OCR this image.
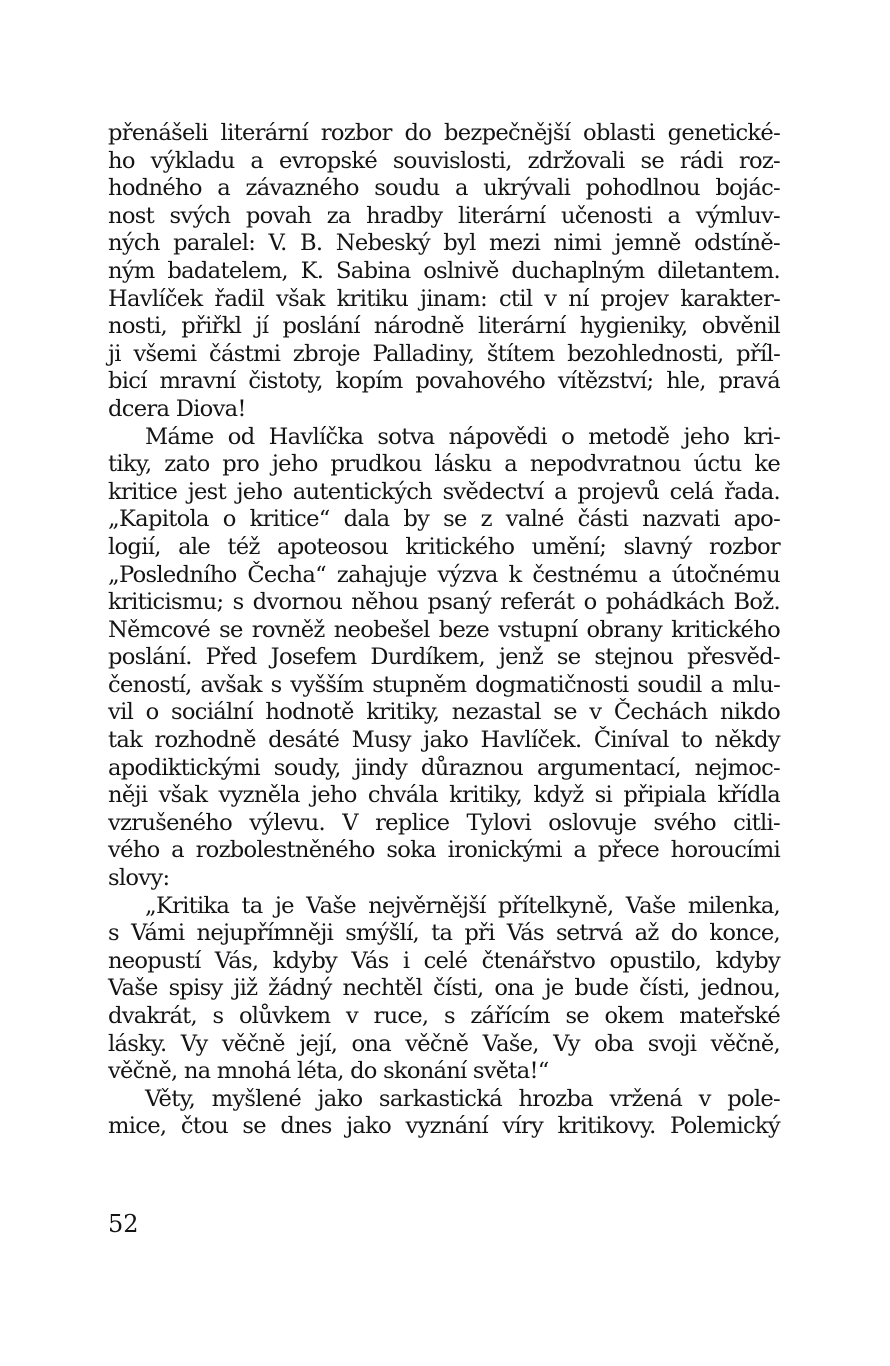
přenášeli literární rozbor do bezpečnější oblasti genetické-
ho výkladu a evropské souvislosti, zdržovali se rádi roz-
hodného a závazného soudu a ukrývali pohodlnou bojác-
nost svých povah za hradby literární učenosti a výmluv-
ných paralel: V. B. Nebeský byl mezi nimi jemně odstíně-
ným badatelem, K. Sabina oslnivě duchaplným diletantem.
Havlíček řadil však kritiku jinam: ctil v ní projev karakter-
nosti, přiřkl jí poslání národně literární hygieniky, obvěnil
ji všemi částmi zbroje Palladiny, štítem bezohlednosti, příl-
bicí mravní čistoty, kopím povahového vítězství; hle, pravá
dcera Diova!
Máme od Havlíčka sotva nápovědi o metodě jeho kri-
tiky, zato pro jeho prudkou lásku a nepodvratnou úctu ke
kritice jest jeho autentických svědectví a projevů celá řada.
„Kapitola o kritice“ dala by se z valné části nazvati apo-
logií, ale též apoteosou kritického umění; slavný rozbor
„Posledního Čecha“ zahajuje výzva k čestnému a útočnému
kriticismu; s dvornou něhou psaný referát o pohádkách Bož.
Němcové se rovněž neobešel beze vstupní obrany kritického
poslání. Před Josefem Durdíkem, jenž se stejnou přesvěd-
čeností, avšak s vyšším stupněm dogmatičnosti soudil a mlu-
vil o sociální hodnotě kritiky, nezastal se v Čechách nikdo
tak rozhodně desáté Musy jako Havlíček. Činíval to někdy
apodiktickými soudy, jindy důraznou argumentací, nejmoc-
něji však vyzněla jeho chvála kritiky, když si připiala křídla
vzrušeného výlevu. V replice Tylovi oslovuje svého citli-
vého a rozbolestněného soka ironickými a přece horoucími
slovy:
„Kritika ta je Vaše nejvěrnější přítelkyně, Vaše milenka,
s Vámi nejupřímněji smýšlí, ta při Vás setrvá až do konce,
neopustí Vás, kdyby Vás i celé čtenářstvo opustilo, kdyby
Vaše spisy již žádný nechtěl čísti, ona je bude čísti, jednou,
dvakrát, s olůvkem v ruce, s zářícím se okem mateřské
lásky. Vy věčně její, ona věčně Vaše, Vy oba svoji věčně,
věčně, na mnohá léta, do skonání světa!“
Věty, myšlené jako sarkastická hrozba vržená v pole-
mice, čtou se dnes jako vyznání víry kritikovy. Polemický
52
